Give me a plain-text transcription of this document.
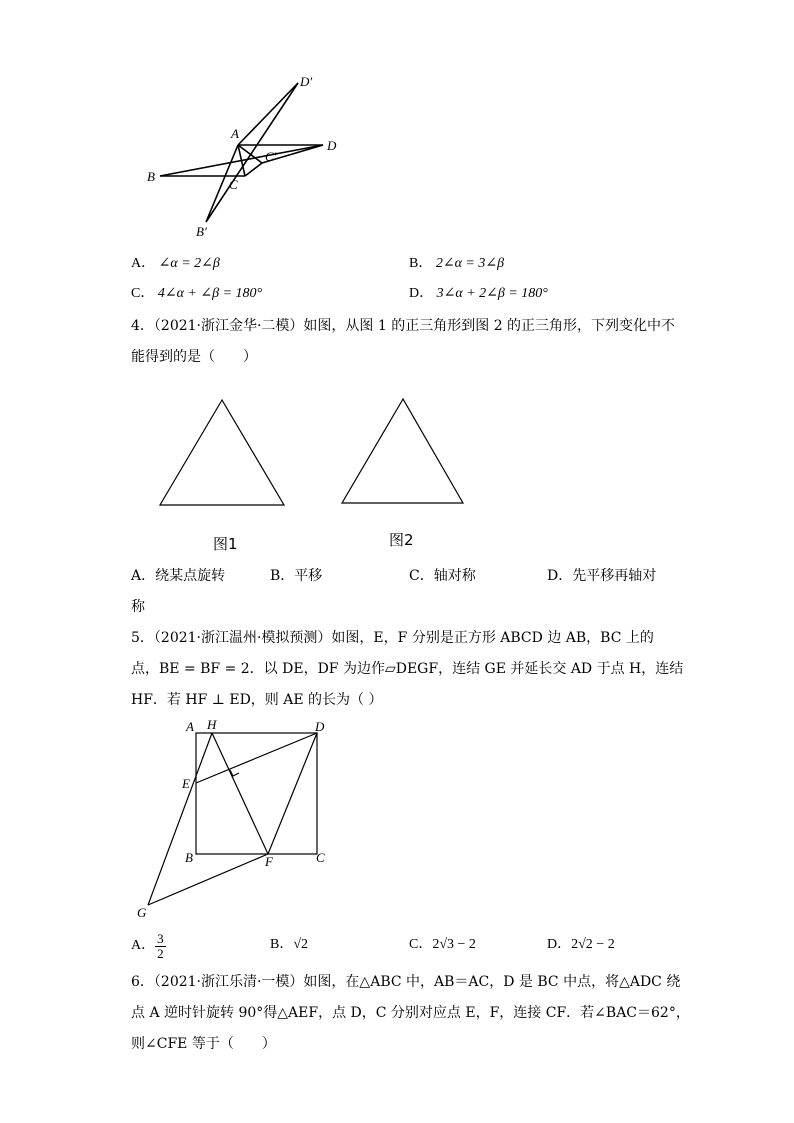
A
B
C
D
D′
B′
C′
A． ∠α = 2∠β	B． 2∠α = 3∠β
C． 4∠α + ∠β = 180°	D． 3∠α + 2∠β = 180°
4．（2021·浙江金华·二模）如图，从图 1 的正三角形到图 2 的正三角形，下列变化中不
能得到的是（　　）
图1	图2
A．绕某点旋转	B．平移	C．轴对称	D．先平移再轴对
称
5．（2021·浙江温州·模拟预测）如图，E，F 分别是正方形 ABCD 边 AB，BC 上的
点，BE = BF = 2．以 DE，DF 为边作▱DEGF，连结 GE 并延长交 AD 于点 H，连结
HF．若 HF ⊥ ED，则 AE 的长为（ ）
A H	D
E
B	F	C
G
A． $\frac{3}{2}$	B．√2	C．2√3 − 2	D．2√2 − 2
6．（2021·浙江乐清·一模）如图，在△ABC 中，AB＝AC，D 是 BC 中点，将△ADC 绕
点 A 逆时针旋转 90°得△AEF，点 D，C 分别对应点 E，F，连接 CF．若∠BAC＝62°，
则∠CFE 等于（　　）
